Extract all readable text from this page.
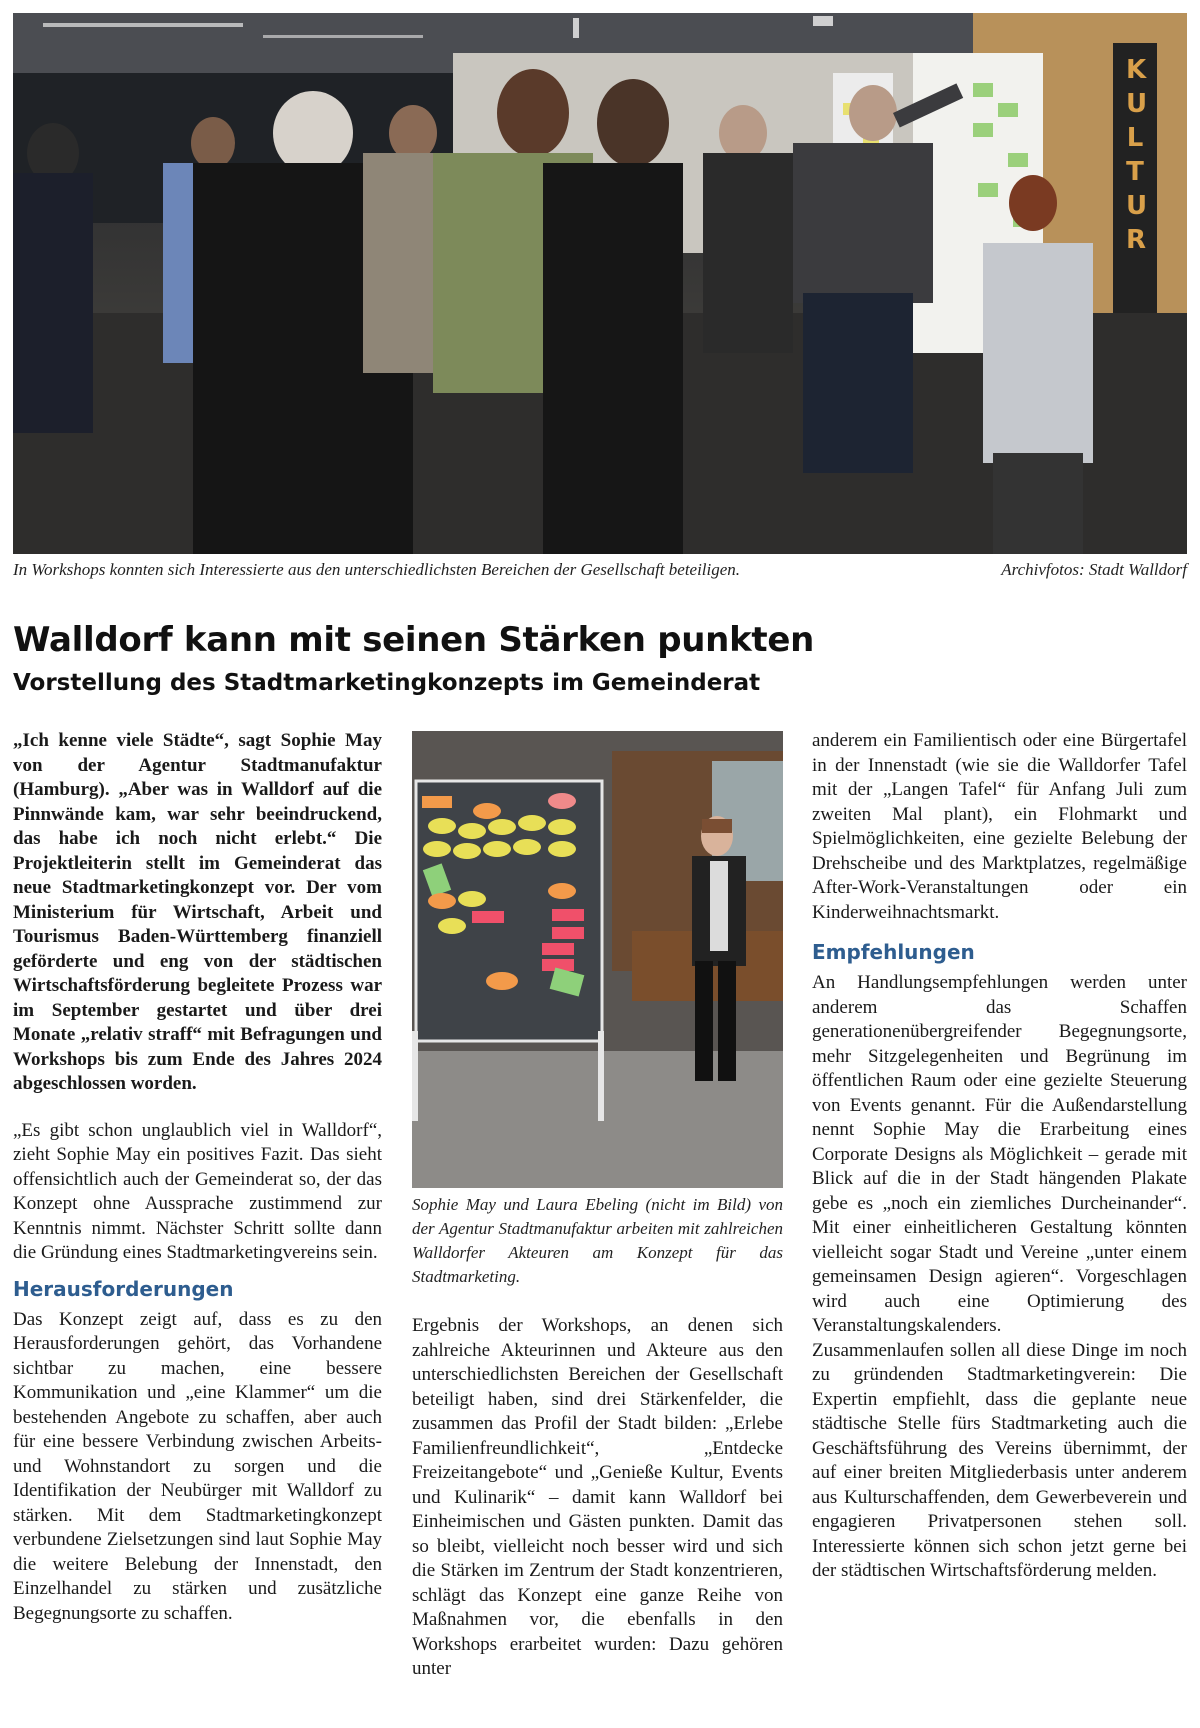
KULTUR
In Workshops konnten sich Interessierte aus den unterschiedlichsten Bereichen der Gesellschaft beteiligen.	Archivfotos: Stadt Walldorf
Walldorf kann mit seinen Stärken punkten
Vorstellung des Stadtmarketingkonzepts im Gemeinderat

„Ich kenne viele Städte“, sagt Sophie May von der Agentur Stadtmanufaktur (Hamburg). „Aber was in Walldorf auf die Pinnwände kam, war sehr beeindruckend, das habe ich noch nicht erlebt.“ Die Projektleiterin stellt im Gemeinderat das neue Stadtmarketingkonzept vor. Der vom Ministerium für Wirtschaft, Arbeit und Tourismus Baden-Württemberg finanziell geförderte und eng von der städtischen Wirtschaftsförderung begleitete Prozess war im September gestartet und über drei Monate „relativ straff“ mit Befragungen und Workshops bis zum Ende des Jahres 2024 abgeschlossen worden.

„Es gibt schon unglaublich viel in Walldorf“, zieht Sophie May ein positives Fazit. Das sieht offensichtlich auch der Gemeinderat so, der das Konzept ohne Aussprache zustimmend zur Kenntnis nimmt. Nächster Schritt sollte dann die Gründung eines Stadtmarketingvereins sein.

Herausforderungen

Das Konzept zeigt auf, dass es zu den Herausforderungen gehört, das Vorhandene sichtbar zu machen, eine bessere Kommunikation und „eine Klammer“ um die bestehenden Angebote zu schaffen, aber auch für eine bessere Verbindung zwischen Arbeits- und Wohnstandort zu sorgen und die Identifikation der Neubürger mit Walldorf zu stärken. Mit dem Stadtmarketingkonzept verbundene Zielsetzungen sind laut Sophie May die weitere Belebung der Innenstadt, den Einzelhandel zu stärken und zusätzliche Begegnungsorte zu schaffen.

Sophie May und Laura Ebeling (nicht im Bild) von der Agentur Stadtmanufaktur arbeiten mit zahlreichen Walldorfer Akteuren am Konzept für das Stadtmarketing.

Ergebnis der Workshops, an denen sich zahlreiche Akteurinnen und Akteure aus den unterschiedlichsten Bereichen der Gesellschaft beteiligt haben, sind drei Stärkenfelder, die zusammen das Profil der Stadt bilden: „Erlebe Familienfreundlichkeit“, „Entdecke Freizeitangebote“ und „Genieße Kultur, Events und Kulinarik“ – damit kann Walldorf bei Einheimischen und Gästen punkten. Damit das so bleibt, vielleicht noch besser wird und sich die Stärken im Zentrum der Stadt konzentrieren, schlägt das Konzept eine ganze Reihe von Maßnahmen vor, die ebenfalls in den Workshops erarbeitet wurden: Dazu gehören unter

anderem ein Familientisch oder eine Bürgertafel in der Innenstadt (wie sie die Walldorfer Tafel mit der „Langen Tafel“ für Anfang Juli zum zweiten Mal plant), ein Flohmarkt und Spielmöglichkeiten, eine gezielte Belebung der Drehscheibe und des Marktplatzes, regelmäßige After-Work-Veranstaltungen oder ein Kinderweihnachtsmarkt.

Empfehlungen

An Handlungsempfehlungen werden unter anderem das Schaffen generationenübergreifender Begegnungsorte, mehr Sitzgelegenheiten und Begrünung im öffentlichen Raum oder eine gezielte Steuerung von Events genannt. Für die Außendarstellung nennt Sophie May die Erarbeitung eines Corporate Designs als Möglichkeit – gerade mit Blick auf die in der Stadt hängenden Plakate gebe es „noch ein ziemliches Durcheinander“. Mit einer einheitlicheren Gestaltung könnten vielleicht sogar Stadt und Vereine „unter einem gemeinsamen Design agieren“. Vorgeschlagen wird auch eine Optimierung des Veranstaltungskalenders.

Zusammenlaufen sollen all diese Dinge im noch zu gründenden Stadtmarketingverein: Die Expertin empfiehlt, dass die geplante neue städtische Stelle fürs Stadtmarketing auch die Geschäftsführung des Vereins übernimmt, der auf einer breiten Mitgliederbasis unter anderem aus Kulturschaffenden, dem Gewerbeverein und engagieren Privatpersonen stehen soll. Interessierte können sich schon jetzt gerne bei der städtischen Wirtschaftsförderung melden.
